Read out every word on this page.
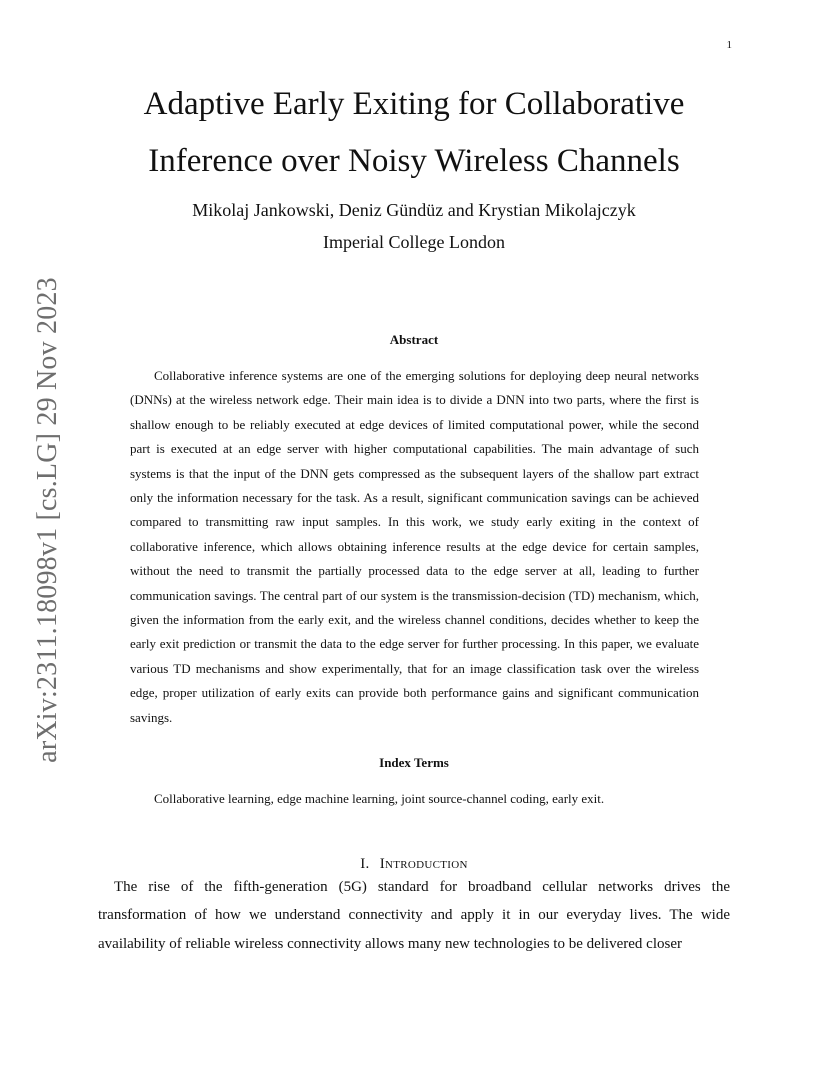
1
arXiv:2311.18098v1 [cs.LG] 29 Nov 2023
Adaptive Early Exiting for Collaborative
Inference over Noisy Wireless Channels
Mikolaj Jankowski, Deniz Gündüz and Krystian Mikolajczyk
Imperial College London
Abstract

Collaborative inference systems are one of the emerging solutions for deploying deep neural networks (DNNs) at the wireless network edge. Their main idea is to divide a DNN into two parts, where the first is shallow enough to be reliably executed at edge devices of limited computational power, while the second part is executed at an edge server with higher computational capabilities. The main advantage of such systems is that the input of the DNN gets compressed as the subsequent layers of the shallow part extract only the information necessary for the task. As a result, significant communication savings can be achieved compared to transmitting raw input samples. In this work, we study early exiting in the context of collaborative inference, which allows obtaining inference results at the edge device for certain samples, without the need to transmit the partially processed data to the edge server at all, leading to further communication savings. The central part of our system is the transmission-decision (TD) mechanism, which, given the information from the early exit, and the wireless channel conditions, decides whether to keep the early exit prediction or transmit the data to the edge server for further processing. In this paper, we evaluate various TD mechanisms and show experimentally, that for an image classification task over the wireless edge, proper utilization of early exits can provide both performance gains and significant communication savings.

Index Terms

Collaborative learning, edge machine learning, joint source-channel coding, early exit.

I. Introduction

The rise of the fifth-generation (5G) standard for broadband cellular networks drives the transformation of how we understand connectivity and apply it in our everyday lives. The wide availability of reliable wireless connectivity allows many new technologies to be delivered closer
